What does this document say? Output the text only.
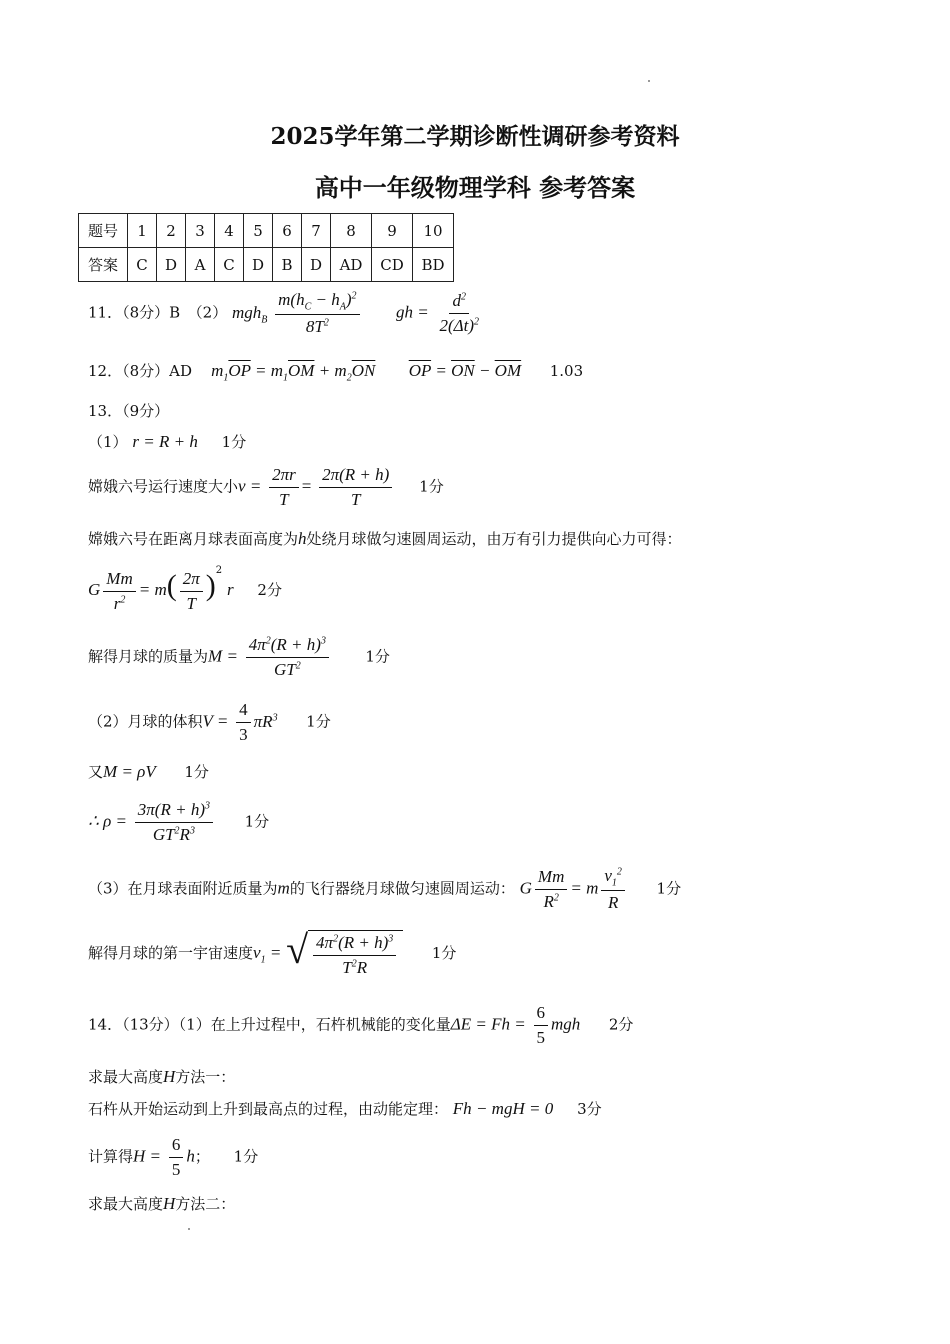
2025学年第二学期诊断性调研参考资料
高中一年级物理学科 参考答案
题号	1	2	3	4	5	6	7	8	9	10
答案	C	D	A	C	D	B	D	AD	CD	BD
11．（8分）B　（2） $mgh_B \frac{m(h_C - h_A)^2}{8T^2}$ gh = $\frac{d^2}{2(\Delta t)^2}$
12．（8分）AD $m_1\overline{OP} = m_1\overline{OM} + m_2\overline{ON}$ $\overline{OP} = \overline{ON} - \overline{OM}$ 1.03
13．（9分）
（1） r = R + h 1分
嫦娥六号运行速度大小$v = \frac{2\pi r}{T} = \frac{2\pi(R + h)}{T} 1$分
嫦娥六号在距离月球表面高度为h处绕月球做匀速圆周运动，由万有引力提供向心力可得：
G $\frac{Mm}{r^2} = m( \frac{2\pi}{T} )^2$ r 2分
解得月球的质量为$M = \frac{4\pi^2(R + h)^3}{GT^2} 1$分
（2）月球的体积$V = \frac{4}{3} \pi R^3$ 1分
又M = ρV 1分
∴ $\rho = \frac{3\pi(R + h)^3}{GT^2R^3} 1$分
（3）在月球表面附近质量为m的飞行器绕月球做匀速圆周运动： G $\frac{Mm}{R^2} = m \frac{v_1^2}{R} 1$分
解得月球的第一宇宙速度$v_1$ = √ $\frac{4\pi^2(R + h)^3}{T^2R} 1$分
14．（13分）（1）在上升过程中，石杵机械能的变化量$\Delta E = Fh = \frac{6}{5}$ mgh 2分
求最大高度H方法一：
石杵从开始运动到上升到最高点的过程，由动能定理： Fh − mgH = 0 3分
计算得$H = \frac{6}{5}$ h；     1分
求最大高度H方法二：
